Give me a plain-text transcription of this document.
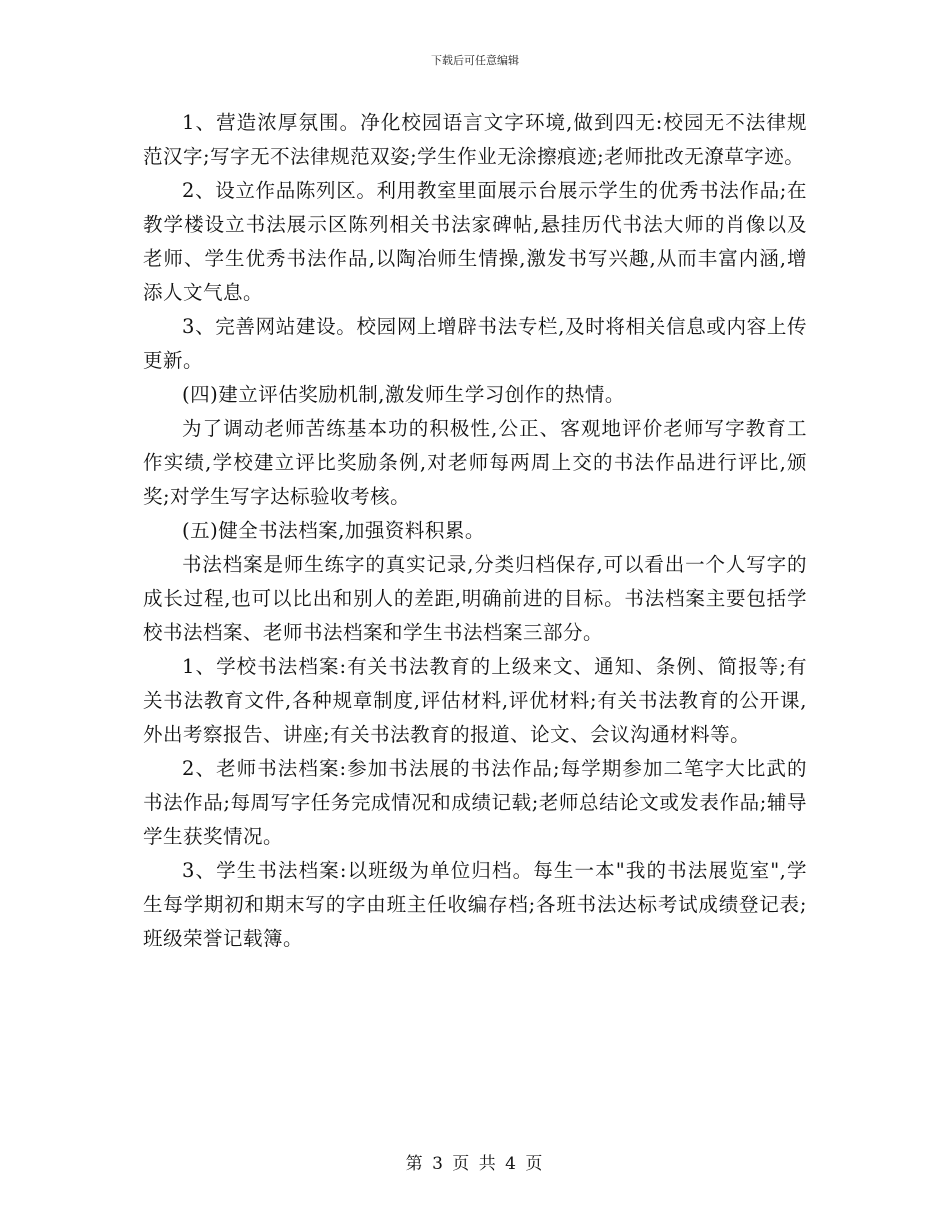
下载后可任意编辑

1、营造浓厚氛围。净化校园语言文字环境,做到四无:校园无不法律规范汉字;写字无不法律规范双姿;学生作业无涂擦痕迹;老师批改无潦草字迹。

2、设立作品陈列区。利用教室里面展示台展示学生的优秀书法作品;在教学楼设立书法展示区陈列相关书法家碑帖,悬挂历代书法大师的肖像以及老师、学生优秀书法作品,以陶冶师生情操,激发书写兴趣,从而丰富内涵,增添人文气息。

3、完善网站建设。校园网上增辟书法专栏,及时将相关信息或内容上传更新。

(四)建立评估奖励机制,激发师生学习创作的热情。

为了调动老师苦练基本功的积极性,公正、客观地评价老师写字教育工作实绩,学校建立评比奖励条例,对老师每两周上交的书法作品进行评比,颁奖;对学生写字达标验收考核。

(五)健全书法档案,加强资料积累。

书法档案是师生练字的真实记录,分类归档保存,可以看出一个人写字的成长过程,也可以比出和别人的差距,明确前进的目标。书法档案主要包括学校书法档案、老师书法档案和学生书法档案三部分。

1、学校书法档案:有关书法教育的上级来文、通知、条例、简报等;有关书法教育文件,各种规章制度,评估材料,评优材料;有关书法教育的公开课,外出考察报告、讲座;有关书法教育的报道、论文、会议沟通材料等。

2、老师书法档案:参加书法展的书法作品;每学期参加二笔字大比武的书法作品;每周写字任务完成情况和成绩记载;老师总结论文或发表作品;辅导学生获奖情况。

3、学生书法档案:以班级为单位归档。每生一本"我的书法展览室",学生每学期初和期末写的字由班主任收编存档;各班书法达标考试成绩登记表;班级荣誉记载簿。

第 3 页 共 4 页
